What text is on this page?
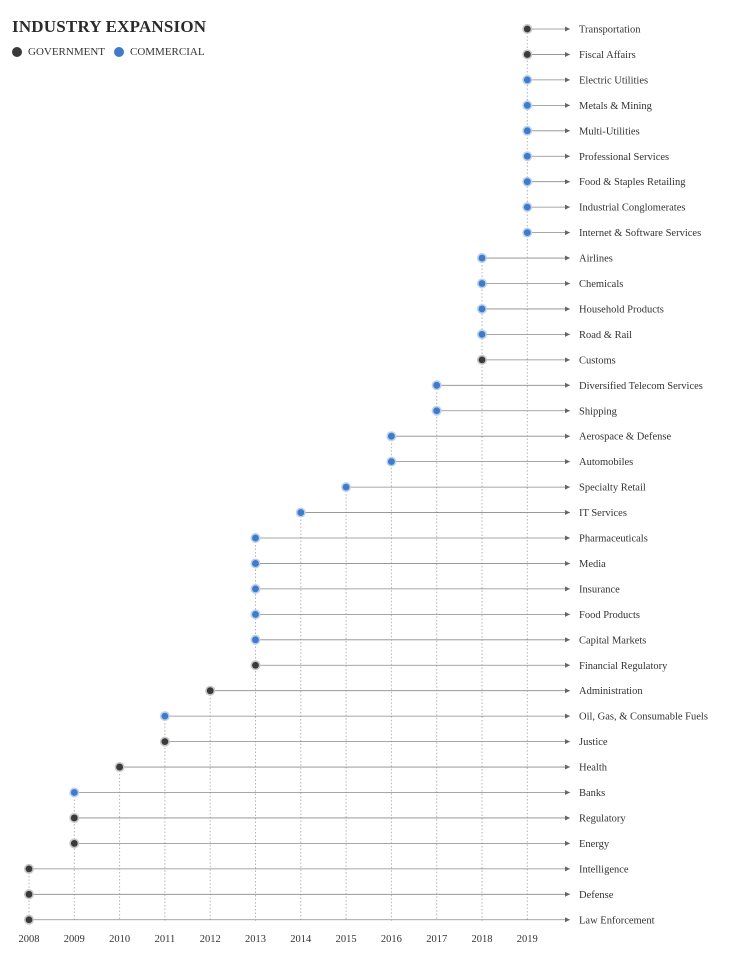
INDUSTRY EXPANSION
GOVERNMENT COMMERCIAL
Transportation
Fiscal Affairs
Electric Utilities
Metals & Mining
Multi-Utilities
Professional Services
Food & Staples Retailing
Industrial Conglomerates
Internet & Software Services
Airlines
Chemicals
Household Products
Road & Rail
Customs
Diversified Telecom Services
Shipping
Aerospace & Defense
Automobiles
Specialty Retail
IT Services
Pharmaceuticals
Media
Insurance
Food Products
Capital Markets
Financial Regulatory
Administration
Oil, Gas, & Consumable Fuels
Justice
Health
Banks
Regulatory
Energy
Intelligence
Defense
Law Enforcement
2008 2009 2010 2011 2012 2013 2014 2015 2016 2017 2018 2019
